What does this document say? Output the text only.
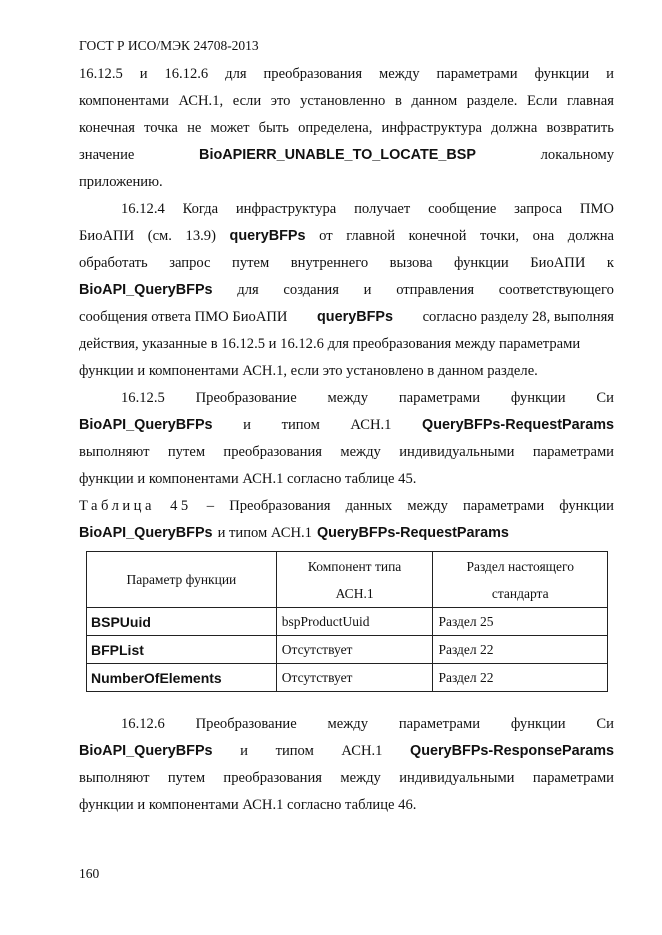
ГОСТ Р ИСО/МЭК 24708-2013
16.12.5 и 16.12.6 для преобразования между параметрами функции и
компонентами АСН.1, если это установленно в данном разделе. Если главная
конечная точка не может быть определена, инфраструктура должна возвратить
значение	BioAPIERR_UNABLE_TO_LOCATE_BSP	локальному
приложению.
16.12.4 Когда инфраструктура получает сообщение запроса ПМО
БиоАПИ (см. 13.9) queryBFPs от главной конечной точки, она должна
обработать запрос путем внутреннего вызова функции БиоАПИ к
BioAPI_QueryBFPs для создания и отправления соответствующего
сообщения ответа ПМО БиоАПИ queryBFPs согласно разделу 28, выполняя
действия, указанные в 16.12.5 и 16.12.6 для преобразования между параметрами
функции и компонентами АСН.1, если это установлено в данном разделе.
16.12.5 Преобразование между параметрами функции Си
BioAPI_QueryBFPs и типом АСН.1 QueryBFPs-RequestParams
выполняют путем преобразования между индивидуальными параметрами
функции и компонентами АСН.1 согласно таблице 45.
Таблица 45 – Преобразования данных между параметрами функции
BioAPI_QueryBFPs и типом АСН.1 QueryBFPs-RequestParams
Параметр функции	Компонент типа
АСН.1	Раздел настоящего
стандарта
BSPUuid	bspProductUuid	Раздел 25
BFPList	Отсутствует	Раздел 22
NumberOfElements	Отсутствует	Раздел 22
16.12.6 Преобразование между параметрами функции Си
BioAPI_QueryBFPs и типом АСН.1 QueryBFPs-ResponseParams
выполняют путем преобразования между индивидуальными параметрами
функции и компонентами АСН.1 согласно таблице 46.
160
